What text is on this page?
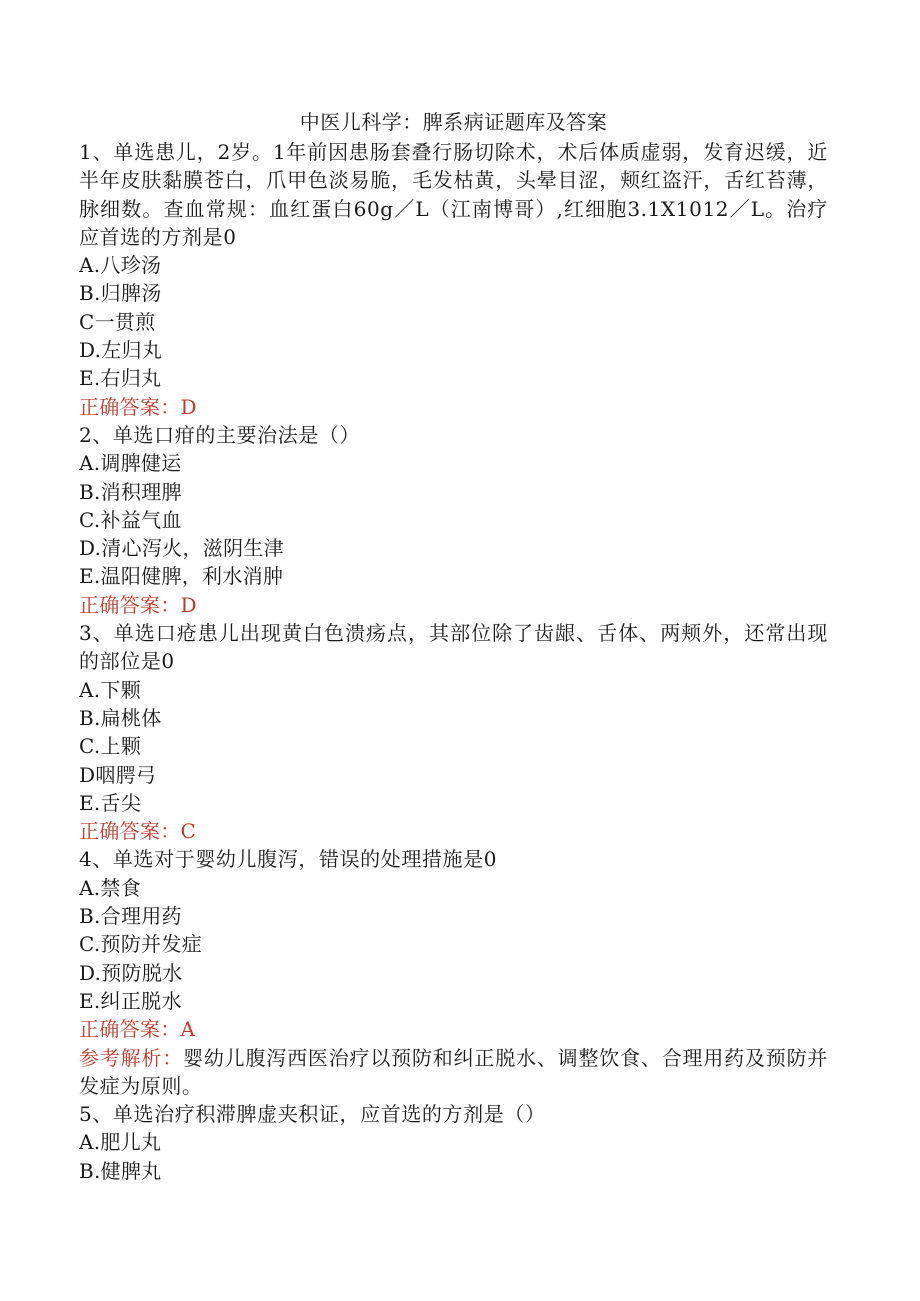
中医儿科学：脾系病证题库及答案
1、单选患儿，2岁。1年前因患肠套叠行肠切除术，术后体质虚弱，发育迟缓，近半年皮肤黏膜苍白，爪甲色淡易脆，毛发枯黄，头晕目涩，颊红盗汗，舌红苔薄，脉细数。查血常规：血红蛋白60g／L（江南博哥）,红细胞3.1X1012／L。治疗应首选的方剂是0
A.八珍汤
B.归脾汤
C一贯煎
D.左归丸
E.右归丸
正确答案：D
2、单选口疳的主要治法是（）
A.调脾健运
B.消积理脾
C.补益气血
D.清心泻火，滋阴生津
E.温阳健脾，利水消肿
正确答案：D
3、单选口疮患儿出现黄白色溃疡点，其部位除了齿龈、舌体、两颊外，还常出现的部位是0
A.下颗
B.扁桃体
C.上颗
D咽腭弓
E.舌尖
正确答案：C
4、单选对于婴幼儿腹泻，错误的处理措施是0
A.禁食
B.合理用药
C.预防并发症
D.预防脱水
E.纠正脱水
正确答案：A
参考解析：婴幼儿腹泻西医治疗以预防和纠正脱水、调整饮食、合理用药及预防并发症为原则。
5、单选治疗积滞脾虚夹积证，应首选的方剂是（）
A.肥儿丸
B.健脾丸
